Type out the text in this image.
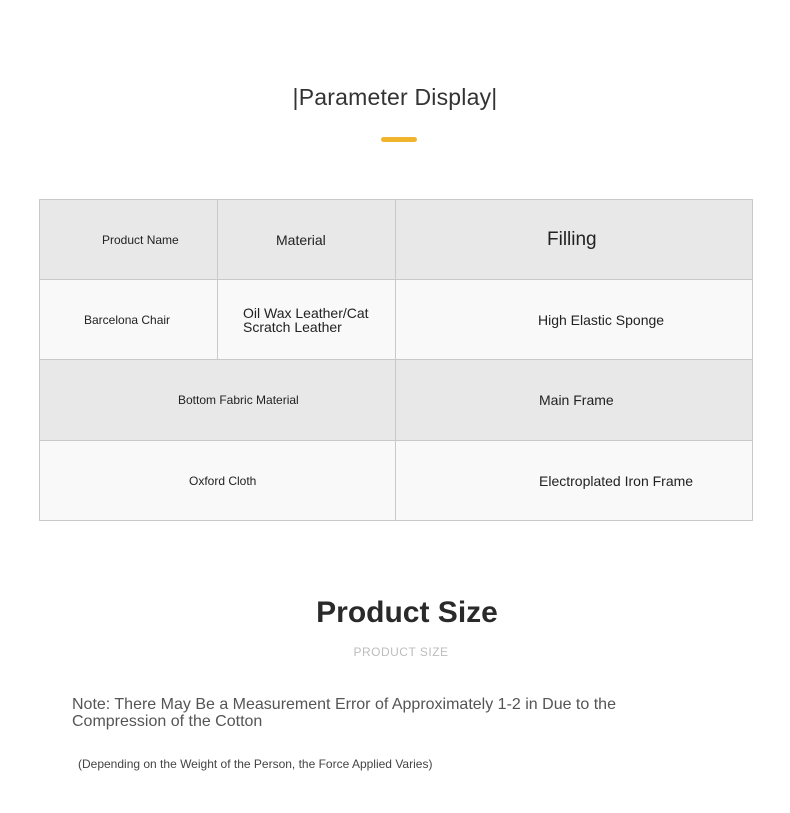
|Parameter Display|
Product Name	Material	Filling

Barcelona Chair	Oil Wax Leather/Cat Scratch Leather	High Elastic Sponge

Bottom Fabric Material		Main Frame

Oxford Cloth		Electroplated Iron Frame
Product Size
PRODUCT SIZE
Note: There May Be a Measurement Error of Approximately 1-2 in Due to the Compression of the Cotton
(Depending on the Weight of the Person, the Force Applied Varies)
